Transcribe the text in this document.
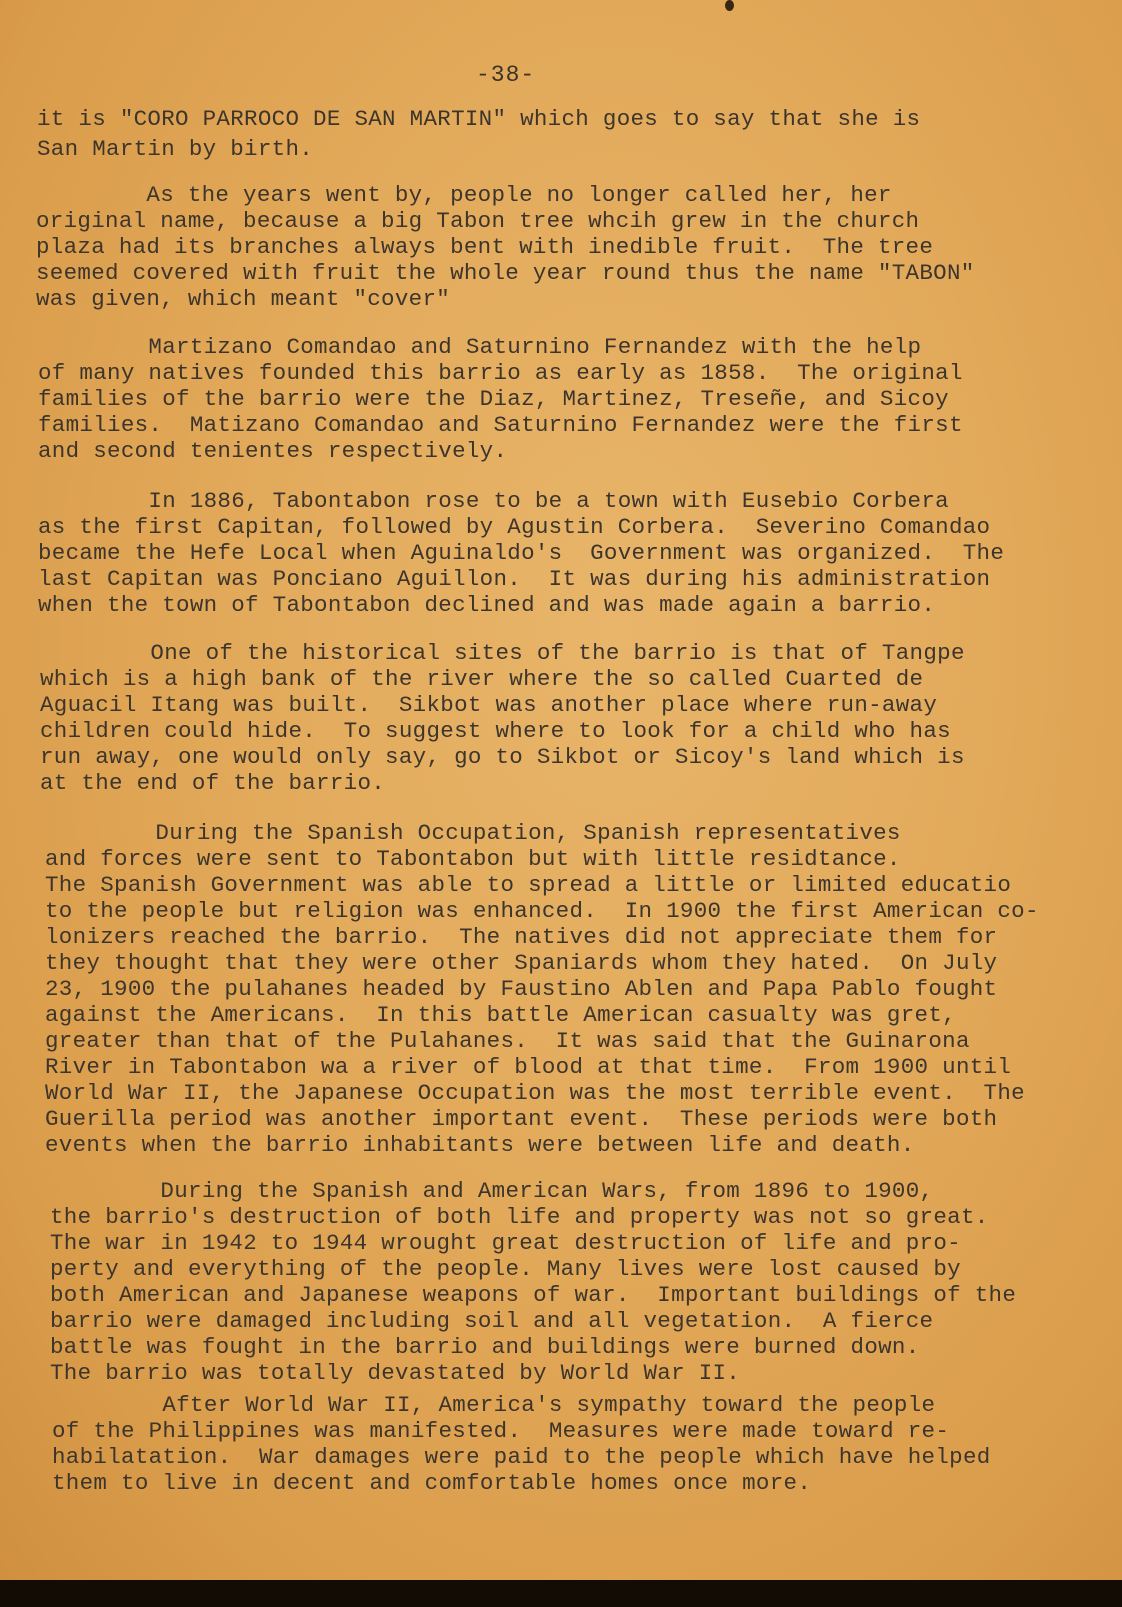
-38-
it is "CORO PARROCO DE SAN MARTIN" which goes to say that she is
San Martin by birth.
As the years went by, people no longer called her, her
original name, because a big Tabon tree whcih grew in the church
plaza had its branches always bent with inedible fruit.  The tree
seemed covered with fruit the whole year round thus the name "TABON"
was given, which meant "cover"
Martizano Comandao and Saturnino Fernandez with the help
of many natives founded this barrio as early as 1858.  The original
families of the barrio were the Diaz, Martinez, Treseñe, and Sicoy
families.  Matizano Comandao and Saturnino Fernandez were the first
and second tenientes respectively.
In 1886, Tabontabon rose to be a town with Eusebio Corbera
as the first Capitan, followed by Agustin Corbera.  Severino Comandao
became the Hefe Local when Aguinaldo's  Government was organized.  The
last Capitan was Ponciano Aguillon.  It was during his administration
when the town of Tabontabon declined and was made again a barrio.
One of the historical sites of the barrio is that of Tangpe
which is a high bank of the river where the so called Cuarted de
Aguacil Itang was built.  Sikbot was another place where run-away
children could hide.  To suggest where to look for a child who has
run away, one would only say, go to Sikbot or Sicoy's land which is
at the end of the barrio.
During the Spanish Occupation, Spanish representatives
and forces were sent to Tabontabon but with little residtance.
The Spanish Government was able to spread a little or limited educatio
to the people but religion was enhanced.  In 1900 the first American co-
lonizers reached the barrio.  The natives did not appreciate them for
they thought that they were other Spaniards whom they hated.  On July
23, 1900 the pulahanes headed by Faustino Ablen and Papa Pablo fought
against the Americans.  In this battle American casualty was gret,
greater than that of the Pulahanes.  It was said that the Guinarona
River in Tabontabon wa a river of blood at that time.  From 1900 until
World War II, the Japanese Occupation was the most terrible event.  The
Guerilla period was another important event.  These periods were both
events when the barrio inhabitants were between life and death.
During the Spanish and American Wars, from 1896 to 1900,
the barrio's destruction of both life and property was not so great.
The war in 1942 to 1944 wrought great destruction of life and pro-
perty and everything of the people. Many lives were lost caused by
both American and Japanese weapons of war.  Important buildings of the
barrio were damaged including soil and all vegetation.  A fierce
battle was fought in the barrio and buildings were burned down.
The barrio was totally devastated by World War II.
After World War II, America's sympathy toward the people
of the Philippines was manifested.  Measures were made toward re-
habilatation.  War damages were paid to the people which have helped
them to live in decent and comfortable homes once more.
